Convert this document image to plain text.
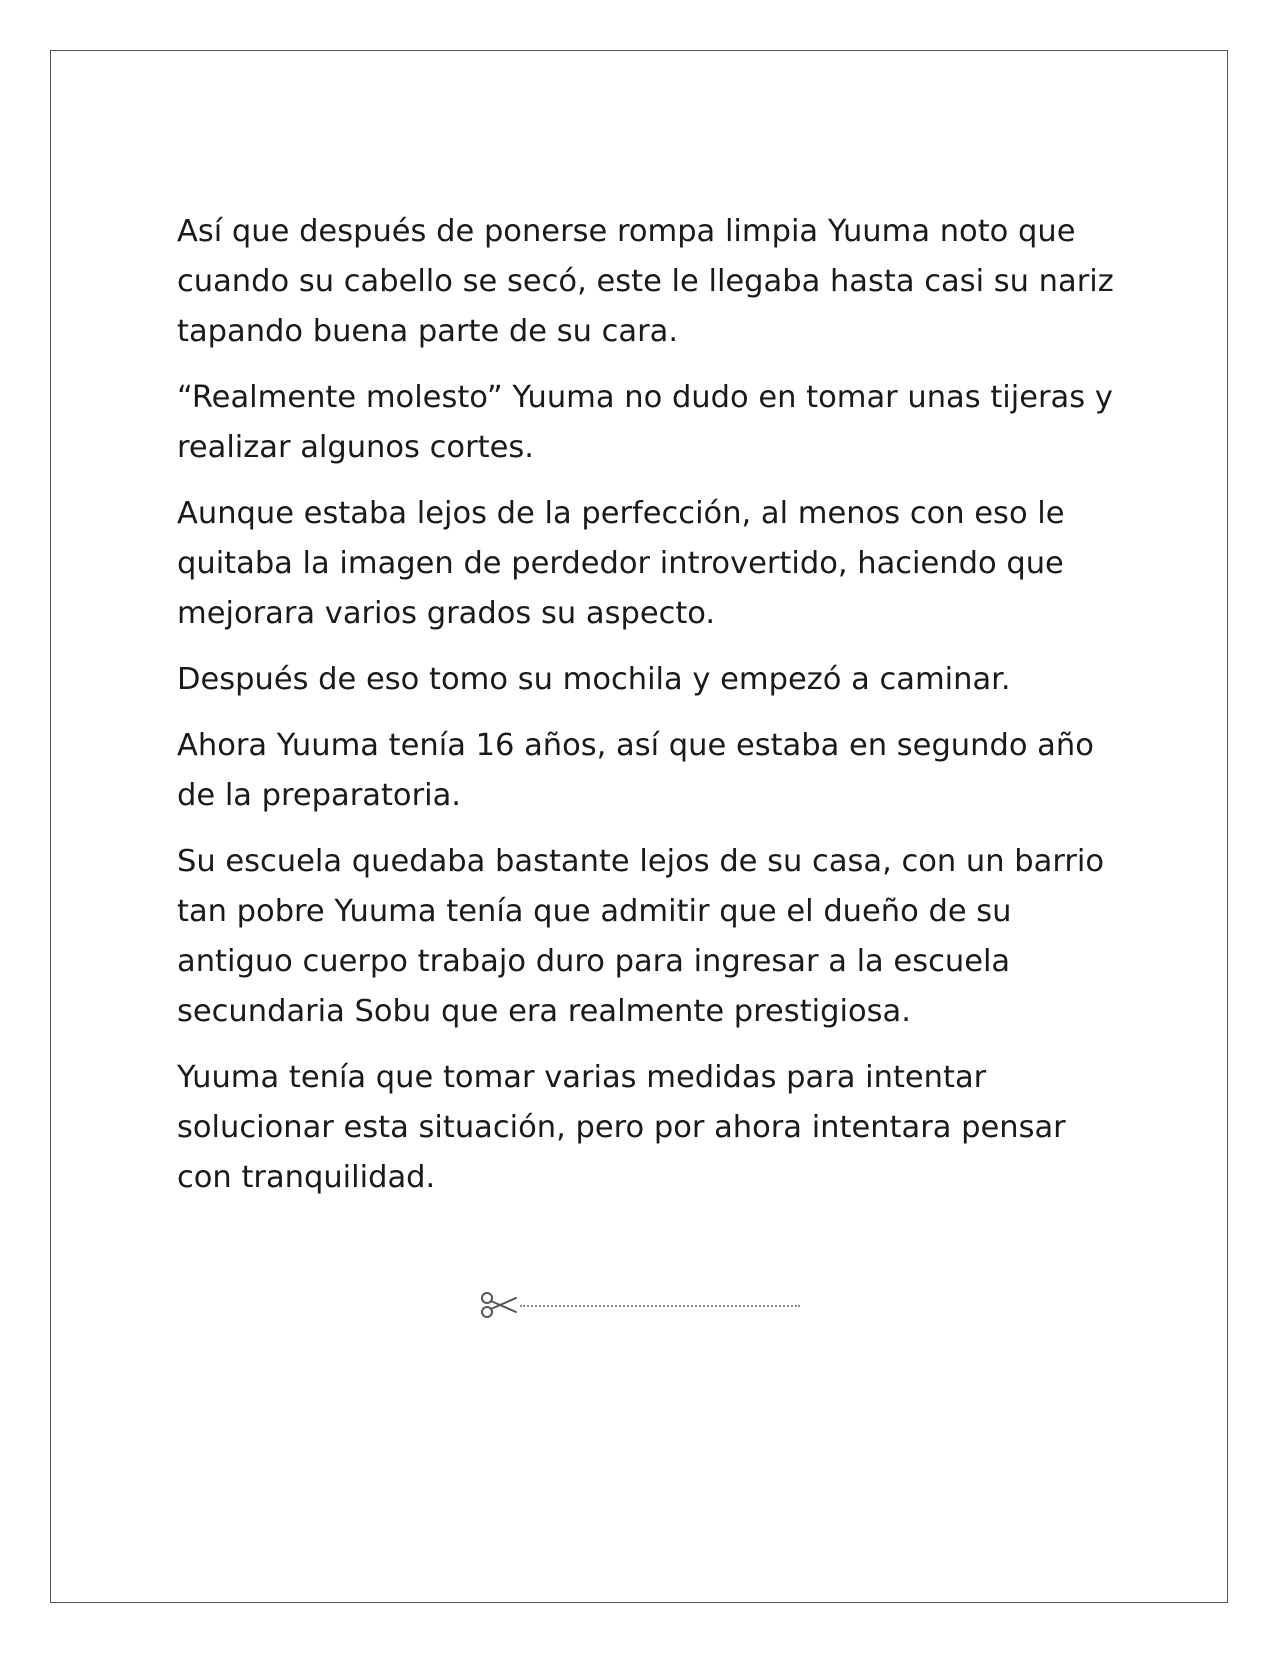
Así que después de ponerse rompa limpia Yuuma noto que cuando su cabello se secó, este le llegaba hasta casi su nariz tapando buena parte de su cara.

“Realmente molesto” Yuuma no dudo en tomar unas tijeras y realizar algunos cortes.

Aunque estaba lejos de la perfección, al menos con eso le quitaba la imagen de perdedor introvertido, haciendo que mejorara varios grados su aspecto.

Después de eso tomo su mochila y empezó a caminar.

Ahora Yuuma tenía 16 años, así que estaba en segundo año de la preparatoria.

Su escuela quedaba bastante lejos de su casa, con un barrio tan pobre Yuuma tenía que admitir que el dueño de su antiguo cuerpo trabajo duro para ingresar a la escuela secundaria Sobu que era realmente prestigiosa.

Yuuma tenía que tomar varias medidas para intentar solucionar esta situación, pero por ahora intentara pensar con tranquilidad.
